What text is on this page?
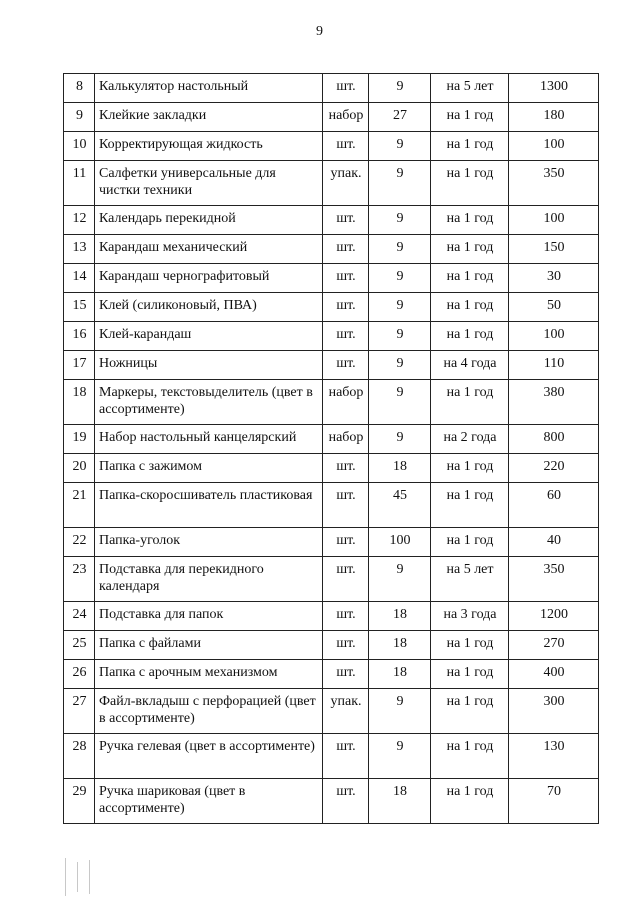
9
8	Калькулятор настольный	шт.	9	на 5 лет	1300
9	Клейкие закладки	набор	27	на 1 год	180
10	Корректирующая жидкость	шт.	9	на 1 год	100
11	Салфетки универсальные для чистки техники	упак.	9	на 1 год	350
12	Календарь перекидной	шт.	9	на 1 год	100
13	Карандаш механический	шт.	9	на 1 год	150
14	Карандаш чернографитовый	шт.	9	на 1 год	30
15	Клей (силиконовый, ПВА)	шт.	9	на 1 год	50
16	Клей-карандаш	шт.	9	на 1 год	100
17	Ножницы	шт.	9	на 4 года	110
18	Маркеры, текстовыделитель (цвет в ассортименте)	набор	9	на 1 год	380
19	Набор настольный канцелярский	набор	9	на 2 года	800
20	Папка с зажимом	шт.	18	на 1 год	220
21	Папка-скоросшиватель пластиковая	шт.	45	на 1 год	60
22	Папка-уголок	шт.	100	на 1 год	40
23	Подставка для перекидного календаря	шт.	9	на 5 лет	350
24	Подставка для папок	шт.	18	на 3 года	1200
25	Папка с файлами	шт.	18	на 1 год	270
26	Папка с арочным механизмом	шт.	18	на 1 год	400
27	Файл-вкладыш с перфорацией (цвет в ассортименте)	упак.	9	на 1 год	300
28	Ручка гелевая (цвет в ассортименте)	шт.	9	на 1 год	130
29	Ручка шариковая (цвет в ассортименте)	шт.	18	на 1 год	70
